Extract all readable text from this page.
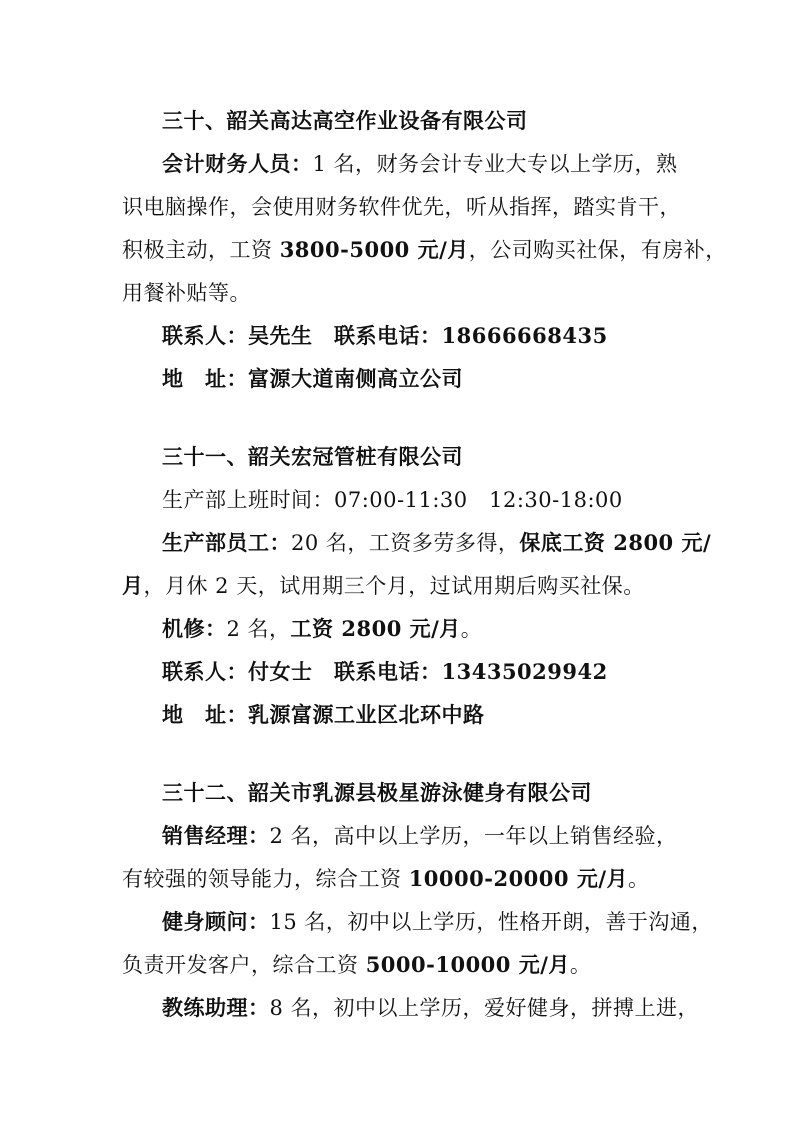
三十、韶关高达高空作业设备有限公司
会计财务人员：1 名，财务会计专业大专以上学历，熟
识电脑操作，会使用财务软件优先，听从指挥，踏实肯干，
积极主动，工资 3800-5000 元/月，公司购买社保，有房补，
用餐补贴等。
联系人：吴先生　联系电话：18666668435
地　址：富源大道南侧高立公司
三十一、韶关宏冠管桩有限公司
生产部上班时间：07:00-11:30　12:30-18:00
生产部员工：20 名，工资多劳多得，保底工资 2800 元/
月，月休 2 天，试用期三个月，过试用期后购买社保。
机修：2 名，工资 2800 元/月。
联系人：付女士　联系电话：13435029942
地　址：乳源富源工业区北环中路
三十二、韶关市乳源县极星游泳健身有限公司
销售经理：2 名，高中以上学历，一年以上销售经验，
有较强的领导能力，综合工资 10000-20000 元/月。
健身顾问：15 名，初中以上学历，性格开朗，善于沟通，
负责开发客户，综合工资 5000-10000 元/月。
教练助理：8 名，初中以上学历，爱好健身，拼搏上进，
